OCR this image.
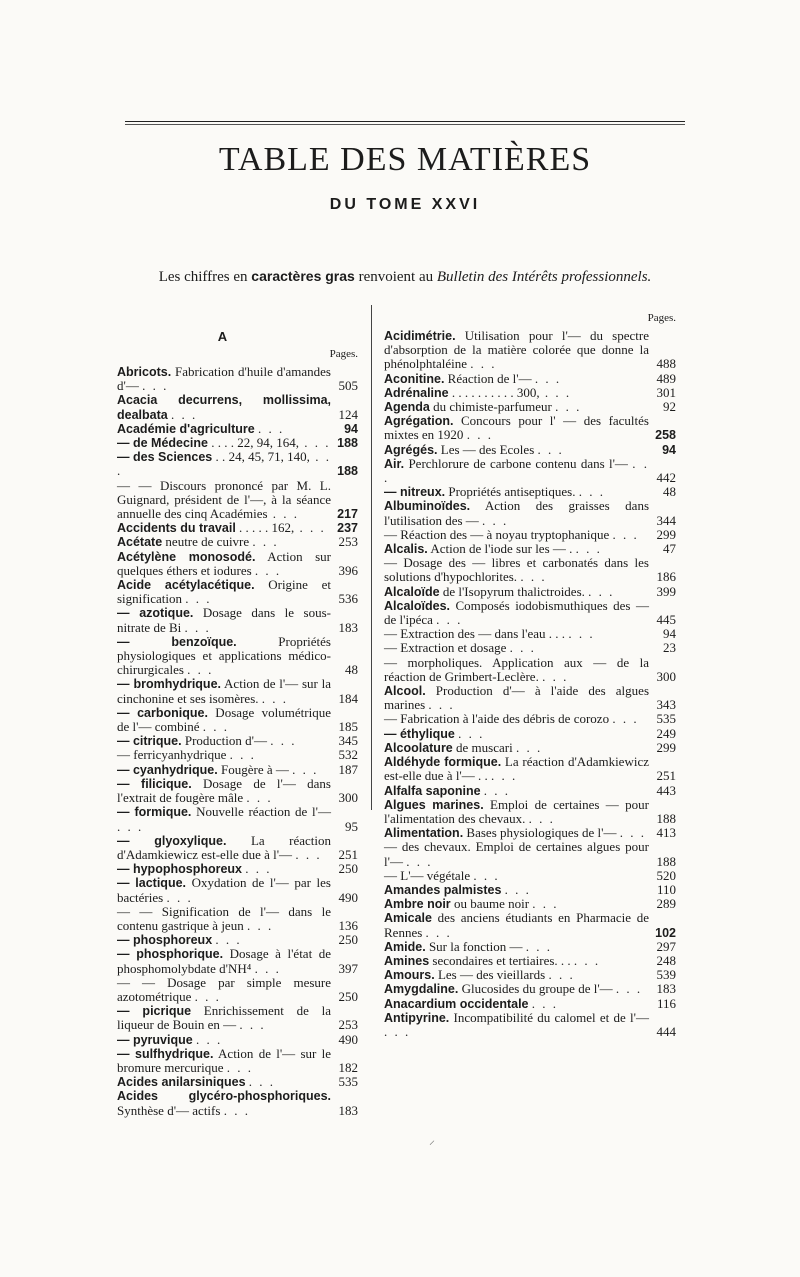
TABLE DES MATIÈRES
DU TOME XXVI
Les chiffres en caractères gras renvoient au Bulletin des Intérêts professionnels.
A
Pages.
Abricots. Fabrication d'huile d'amandes d'— . . .	505
Acacia decurrens, mollissima, dealbata . . .	124
Académie d'agriculture . . .	94
— de Médecine . . . . 22, 94, 164, . . . 188
— des Sciences . . 24, 45, 71, 140, . . .	188
— — Discours prononcé par M. L. Guignard, président de l'—, à la séance annuelle des cinq Académies . . .	217
Accidents du travail . . . . . 162, . . . 237
Acétate neutre de cuivre . . .	253
Acétylène monosodé. Action sur quelques éthers et iodures . . .	396
Acide acétylacétique. Origine et signification . . .	536
— azotique. Dosage dans le sous-nitrate de Bi . . .	183
— benzoïque. Propriétés physiologiques et applications médico-chirurgicales . . .	48
— bromhydrique. Action de l'— sur la cinchonine et ses isomères. . . .	184
— carbonique. Dosage volumétrique de l'— combiné . . .	185
— citrique. Production d'— . . .	345
— ferricyanhydrique . . .	532
— cyanhydrique. Fougère à — . . .	187
— filicique. Dosage de l'— dans l'extrait de fougère mâle . . .	300
— formique. Nouvelle réaction de l'— . . .	95
— glyoxylique. La réaction d'Adamkiewicz est-elle due à l'— . . .	251
— hypophosphoreux . . .	250
— lactique. Oxydation de l'— par les bactéries . . .	490
— — Signification de l'— dans le contenu gastrique à jeun . . .	136
— phosphoreux . . .	250
— phosphorique. Dosage à l'état de phosphomolybdate d'NH⁴ . . .	397
— — Dosage par simple mesure azotométrique . . .	250
— picrique Enrichissement de la liqueur de Bouin en — . . .	253
— pyruvique . . .	490
— sulfhydrique. Action de l'— sur le bromure mercurique . . .	182
Acides anilarsiniques . . .	535
Acides glycéro-phosphoriques. Synthèse d'— actifs . . .	183
Pages.
Acidimétrie. Utilisation pour l'— du spectre d'absorption de la matière colorée que donne la phénolphtaléine . . .	488
Aconitine. Réaction de l'— . . .	489
Adrénaline . . . . . . . . . . 300, . . .	301
Agenda du chimiste-parfumeur . . .	92
Agrégation. Concours pour l' — des facultés mixtes en 1920 . . .	258
Agrégés. Les — des Ecoles . . .	94
Air. Perchlorure de carbone contenu dans l'— . . .	442
— nitreux. Propriétés antiseptiques. . . .	48
Albuminoïdes. Action des graisses dans l'utilisation des — . . .	344
— Réaction des — à noyau tryptophanique . . .	299
Alcalis. Action de l'iode sur les — . . . .	47
— Dosage des — libres et carbonatés dans les solutions d'hypochlorites. . . .	186
Alcaloïde de l'Isopyrum thalictroides. . . .	399
Alcaloïdes. Composés iodobismuthiques des — de l'ipéca . . .	445
— Extraction des — dans l'eau . . . . . .	94
— Extraction et dosage . . .	23
— morpholiques. Application aux — de la réaction de Grimbert-Leclère. . . .	300
Alcool. Production d'— à l'aide des algues marines . . .	343
— Fabrication à l'aide des débris de corozo . . .	535
— éthylique . . .	249
Alcoolature de muscari . . .	299
Aldéhyde formique. La réaction d'Adamkiewicz est-elle due à l'— . . . . .	251
Alfalfa saponine . . .	443
Algues marines. Emploi de certaines — pour l'alimentation des chevaux. . . .	188
Alimentation. Bases physiologiques de l'— . . . 413
— des chevaux. Emploi de certaines algues pour l'— . . .	188
— L'— végétale . . .	520
Amandes palmistes . . .	110
Ambre noir ou baume noir . . .	289
Amicale des anciens étudiants en Pharmacie de Rennes . . .	102
Amide. Sur la fonction — . . .	297
Amines secondaires et tertiaires. . . . . .	248
Amours. Les — des vieillards . . .	539
Amygdaline. Glucosides du groupe de l'— . . .	183
Anacardium occidentale . . .	116
Antipyrine. Incompatibilité du calomel et de l'— . . .	444
⸝
